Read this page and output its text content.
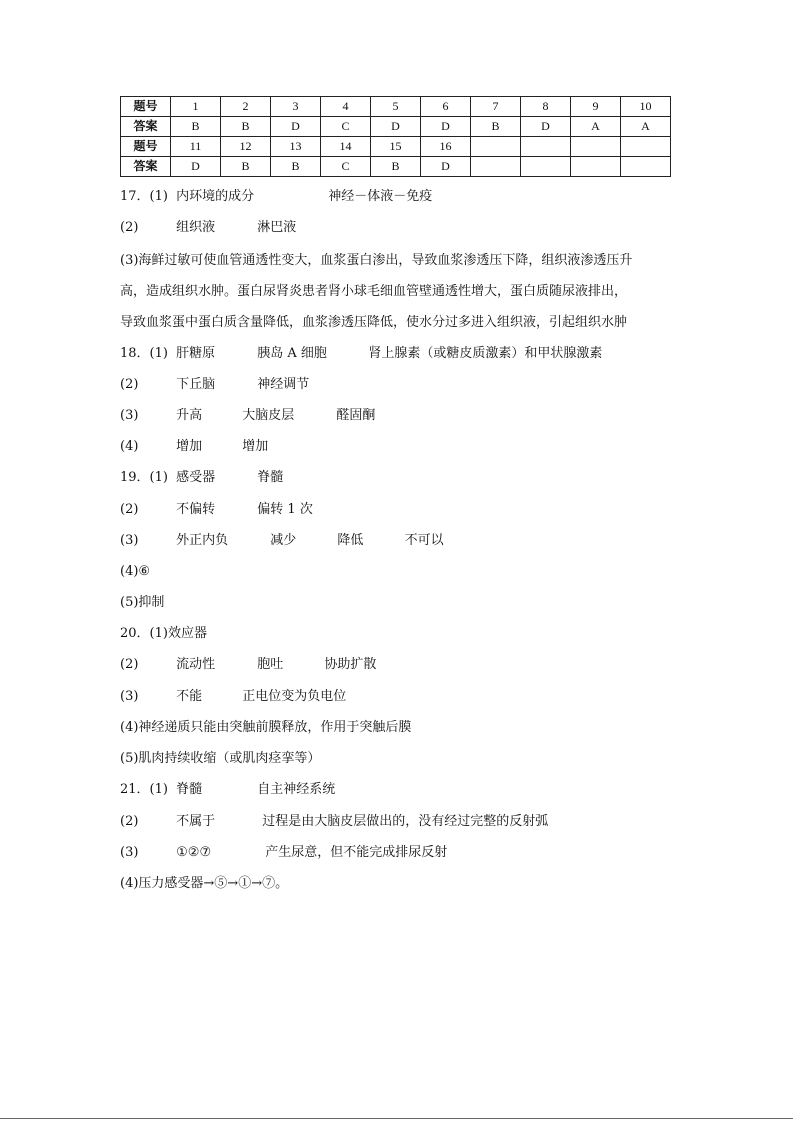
题号	1	2	3	4	5	6	7	8	9	10
答案	B	B	D	C	D	D	B	D	A	A
题号	11	12	13	14	15	16				
答案	D	B	B	C	B	D				
17．(1) 内环境的成分	神经－体液－免疫
(2)	组织液	淋巴液
(3)海鲜过敏可使血管通透性变大，血浆蛋白渗出，导致血浆渗透压下降，组织液渗透压升
高，造成组织水肿。蛋白尿肾炎患者肾小球毛细血管壁通透性增大，蛋白质随尿液排出，
导致血浆蛋中蛋白质含量降低，血浆渗透压降低，使水分过多进入组织液，引起组织水肿
18．(1) 肝糖原	胰岛 A 细胞	肾上腺素（或糖皮质激素）和甲状腺激素
(2)	下丘脑	神经调节
(3)	升高	大脑皮层	醛固酮
(4)	增加	增加
19．(1) 感受器	脊髓
(2)	不偏转	偏转 1 次
(3)	外正内负	减少	降低	不可以
(4)⑥
(5)抑制
20．(1)效应器
(2)	流动性	胞吐	协助扩散
(3)	不能	正电位变为负电位
(4)神经递质只能由突触前膜释放，作用于突触后膜
(5)肌肉持续收缩（或肌肉痉挛等）
21．(1) 脊髓	自主神经系统
(2)	不属于	过程是由大脑皮层做出的，没有经过完整的反射弧
(3)	①②⑦	产生尿意，但不能完成排尿反射
(4)压力感受器→⑤→①→⑦。
